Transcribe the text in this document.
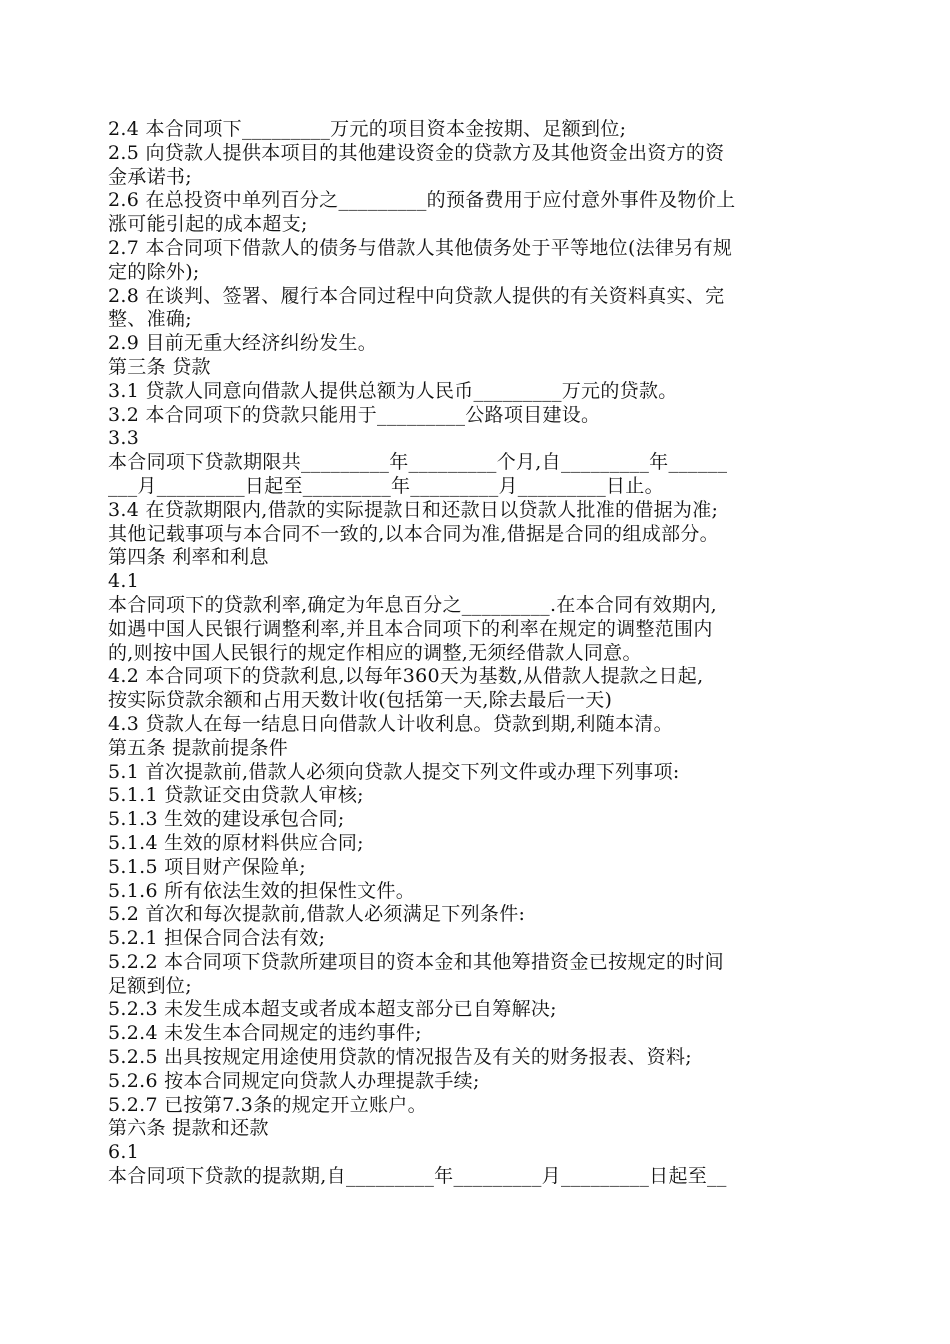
2.4 本合同项下_________万元的项目资本金按期、足额到位;
2.5 向贷款人提供本项目的其他建设资金的贷款方及其他资金出资方的资
金承诺书;
2.6 在总投资中单列百分之_________的预备费用于应付意外事件及物价上
涨可能引起的成本超支;
2.7 本合同项下借款人的债务与借款人其他债务处于平等地位(法律另有规
定的除外);
2.8 在谈判、签署、履行本合同过程中向贷款人提供的有关资料真实、完
整、准确;
2.9 目前无重大经济纠纷发生。
第三条 贷款
3.1 贷款人同意向借款人提供总额为人民币_________万元的贷款。
3.2 本合同项下的贷款只能用于_________公路项目建设。
3.3
本合同项下贷款期限共_________年_________个月,自_________年______
___月_________日起至_________年_________月_________日止。
3.4 在贷款期限内,借款的实际提款日和还款日以贷款人批准的借据为准;
其他记载事项与本合同不一致的,以本合同为准,借据是合同的组成部分。
第四条 利率和利息
4.1
本合同项下的贷款利率,确定为年息百分之_________.在本合同有效期内,
如遇中国人民银行调整利率,并且本合同项下的利率在规定的调整范围内
的,则按中国人民银行的规定作相应的调整,无须经借款人同意。
4.2 本合同项下的贷款利息,以每年360天为基数,从借款人提款之日起,
按实际贷款余额和占用天数计收(包括第一天,除去最后一天)
4.3 贷款人在每一结息日向借款人计收利息。贷款到期,利随本清。
第五条 提款前提条件
5.1 首次提款前,借款人必须向贷款人提交下列文件或办理下列事项:
5.1.1 贷款证交由贷款人审核;
5.1.3 生效的建设承包合同;
5.1.4 生效的原材料供应合同;
5.1.5 项目财产保险单;
5.1.6 所有依法生效的担保性文件。
5.2 首次和每次提款前,借款人必须满足下列条件:
5.2.1 担保合同合法有效;
5.2.2 本合同项下贷款所建项目的资本金和其他筹措资金已按规定的时间
足额到位;
5.2.3 未发生成本超支或者成本超支部分已自筹解决;
5.2.4 未发生本合同规定的违约事件;
5.2.5 出具按规定用途使用贷款的情况报告及有关的财务报表、资料;
5.2.6 按本合同规定向贷款人办理提款手续;
5.2.7 已按第7.3条的规定开立账户。
第六条 提款和还款
6.1
本合同项下贷款的提款期,自_________年_________月_________日起至__
